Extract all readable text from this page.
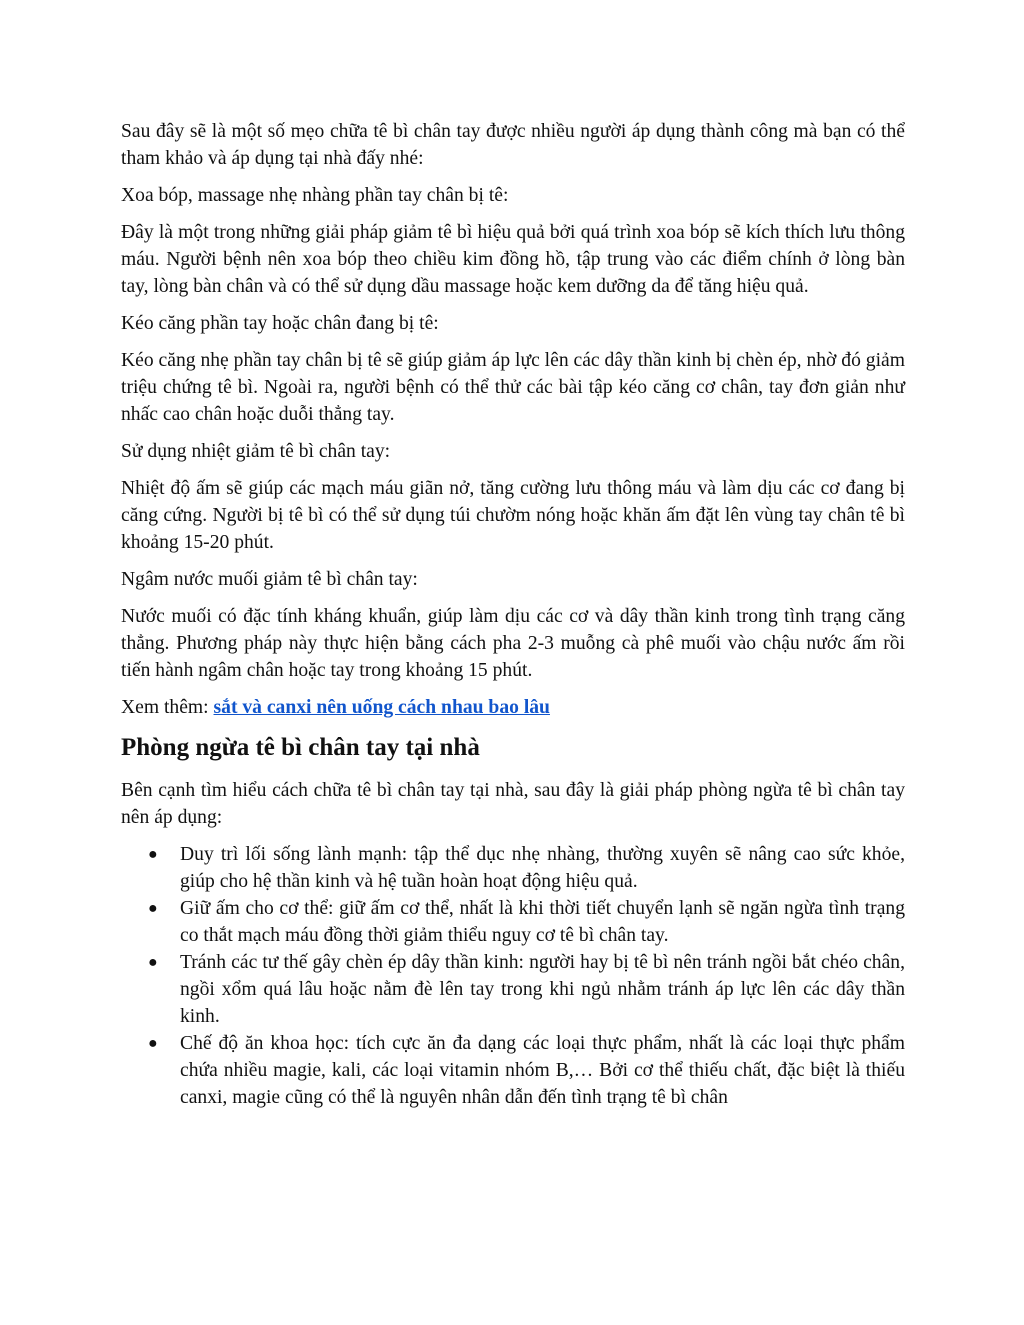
Sau đây sẽ là một số mẹo chữa tê bì chân tay được nhiều người áp dụng thành công mà bạn có thể tham khảo và áp dụng tại nhà đấy nhé:

Xoa bóp, massage nhẹ nhàng phần tay chân bị tê:

Đây là một trong những giải pháp giảm tê bì hiệu quả bởi quá trình xoa bóp sẽ kích thích lưu thông máu. Người bệnh nên xoa bóp theo chiều kim đồng hồ, tập trung vào các điểm chính ở lòng bàn tay, lòng bàn chân và có thể sử dụng dầu massage hoặc kem dưỡng da để tăng hiệu quả.

Kéo căng phần tay hoặc chân đang bị tê:

Kéo căng nhẹ phần tay chân bị tê sẽ giúp giảm áp lực lên các dây thần kinh bị chèn ép, nhờ đó giảm triệu chứng tê bì. Ngoài ra, người bệnh có thể thử các bài tập kéo căng cơ chân, tay đơn giản như nhấc cao chân hoặc duỗi thẳng tay.

Sử dụng nhiệt giảm tê bì chân tay:

Nhiệt độ ấm sẽ giúp các mạch máu giãn nở, tăng cường lưu thông máu và làm dịu các cơ đang bị căng cứng. Người bị tê bì có thể sử dụng túi chườm nóng hoặc khăn ấm đặt lên vùng tay chân tê bì khoảng 15-20 phút.

Ngâm nước muối giảm tê bì chân tay:

Nước muối có đặc tính kháng khuẩn, giúp làm dịu các cơ và dây thần kinh trong tình trạng căng thẳng. Phương pháp này thực hiện bằng cách pha 2-3 muỗng cà phê muối vào chậu nước ấm rồi tiến hành ngâm chân hoặc tay trong khoảng 15 phút.

Xem thêm: sắt và canxi nên uống cách nhau bao lâu

Phòng ngừa tê bì chân tay tại nhà

Bên cạnh tìm hiểu cách chữa tê bì chân tay tại nhà, sau đây là giải pháp phòng ngừa tê bì chân tay nên áp dụng:

● Duy trì lối sống lành mạnh: tập thể dục nhẹ nhàng, thường xuyên sẽ nâng cao sức khỏe, giúp cho hệ thần kinh và hệ tuần hoàn hoạt động hiệu quả.
● Giữ ấm cho cơ thể: giữ ấm cơ thể, nhất là khi thời tiết chuyển lạnh sẽ ngăn ngừa tình trạng co thắt mạch máu đồng thời giảm thiểu nguy cơ tê bì chân tay.
● Tránh các tư thế gây chèn ép dây thần kinh: người hay bị tê bì nên tránh ngồi bắt chéo chân, ngồi xổm quá lâu hoặc nằm đè lên tay trong khi ngủ nhằm tránh áp lực lên các dây thần kinh.
● Chế độ ăn khoa học: tích cực ăn đa dạng các loại thực phẩm, nhất là các loại thực phẩm chứa nhiều magie, kali, các loại vitamin nhóm B,… Bởi cơ thể thiếu chất, đặc biệt là thiếu canxi, magie cũng có thể là nguyên nhân dẫn đến tình trạng tê bì chân
